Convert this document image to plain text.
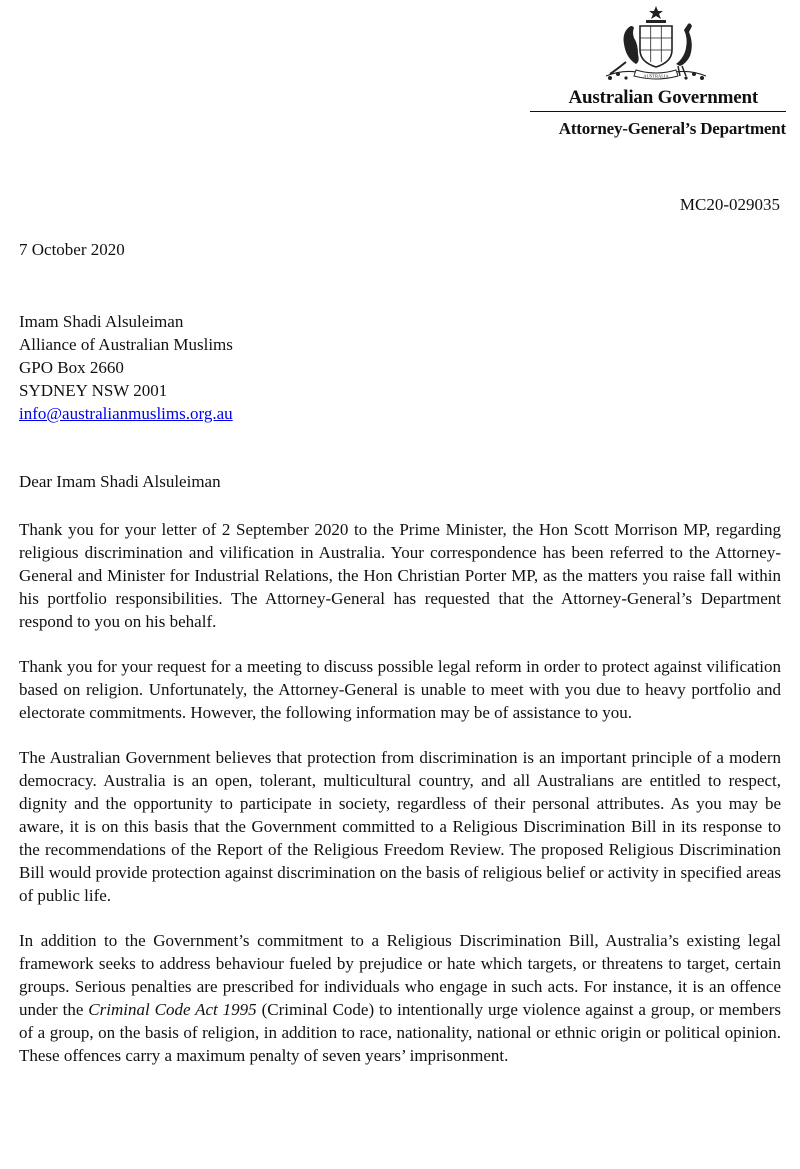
AUSTRALIA
Australian Government
Attorney-General’s Department
MC20-029035
7 October 2020
Imam Shadi Alsuleiman
Alliance of Australian Muslims
GPO Box 2660
SYDNEY NSW 2001
info@australianmuslims.org.au
Dear Imam Shadi Alsuleiman

Thank you for your letter of 2 September 2020 to the Prime Minister, the Hon Scott Morrison MP, regarding religious discrimination and vilification in Australia. Your correspondence has been referred to the Attorney-General and Minister for Industrial Relations, the Hon Christian Porter MP, as the matters you raise fall within his portfolio responsibilities. The Attorney-General has requested that the Attorney-General’s Department respond to you on his behalf.

Thank you for your request for a meeting to discuss possible legal reform in order to protect against vilification based on religion. Unfortunately, the Attorney-General is unable to meet with you due to heavy portfolio and electorate commitments. However, the following information may be of assistance to you.

The Australian Government believes that protection from discrimination is an important principle of a modern democracy. Australia is an open, tolerant, multicultural country, and all Australians are entitled to respect, dignity and the opportunity to participate in society, regardless of their personal attributes. As you may be aware, it is on this basis that the Government committed to a Religious Discrimination Bill in its response to the recommendations of the Report of the Religious Freedom Review. The proposed Religious Discrimination Bill would provide protection against discrimination on the basis of religious belief or activity in specified areas of public life.

In addition to the Government’s commitment to a Religious Discrimination Bill, Australia’s existing legal framework seeks to address behaviour fueled by prejudice or hate which targets, or threatens to target, certain groups. Serious penalties are prescribed for individuals who engage in such acts. For instance, it is an offence under the Criminal Code Act 1995 (Criminal Code) to intentionally urge violence against a group, or members of a group, on the basis of religion, in addition to race, nationality, national or ethnic origin or political opinion. These offences carry a maximum penalty of seven years’ imprisonment.
